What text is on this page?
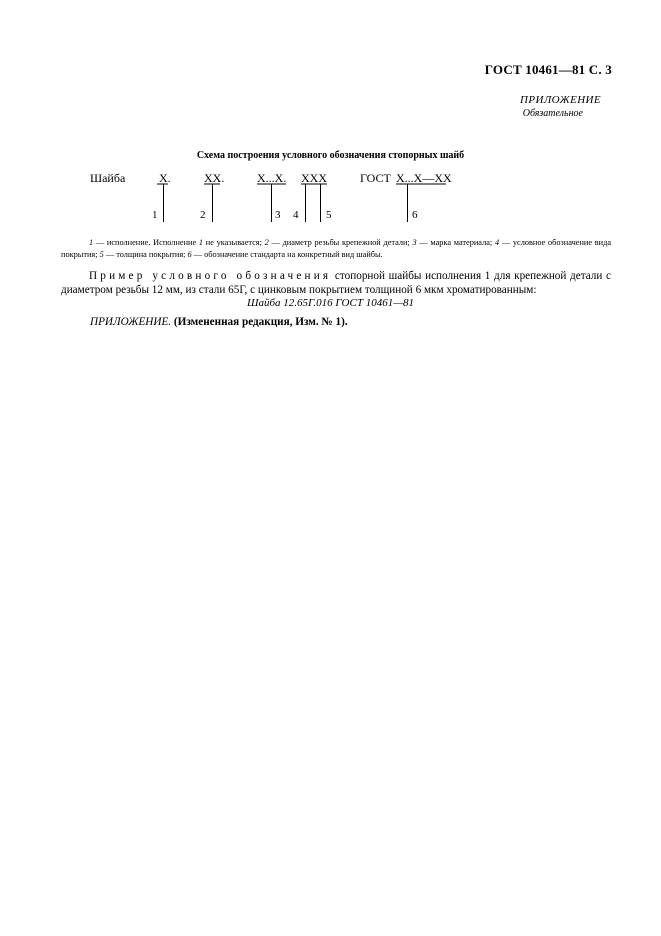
ГОСТ 10461—81 С. 3
ПРИЛОЖЕНИЕ
Обязательное
Схема построения условного обозначения стопорных шайб
Шайба	Х.	ХХ.	Х...Х. ХХХ	ГОСТ Х...Х—ХХ
1	2	3 4	5	6
1 — исполнение. Исполнение 1 не указывается; 2 — диаметр резьбы крепежной детали; 3 — марка материала; 4 — условное обозначение вида покрытия; 5 — толщина покрытия; 6 — обозначение стандарта на конкретный вид шайбы.
Пример условного обозначения стопорной шайбы исполнения 1 для крепежной детали с диаметром резьбы 12 мм, из стали 65Г, с цинковым покрытием толщиной 6 мкм хроматированным:
Шайба 12.65Г.016 ГОСТ 10461—81
ПРИЛОЖЕНИЕ. (Измененная редакция, Изм. № 1).
